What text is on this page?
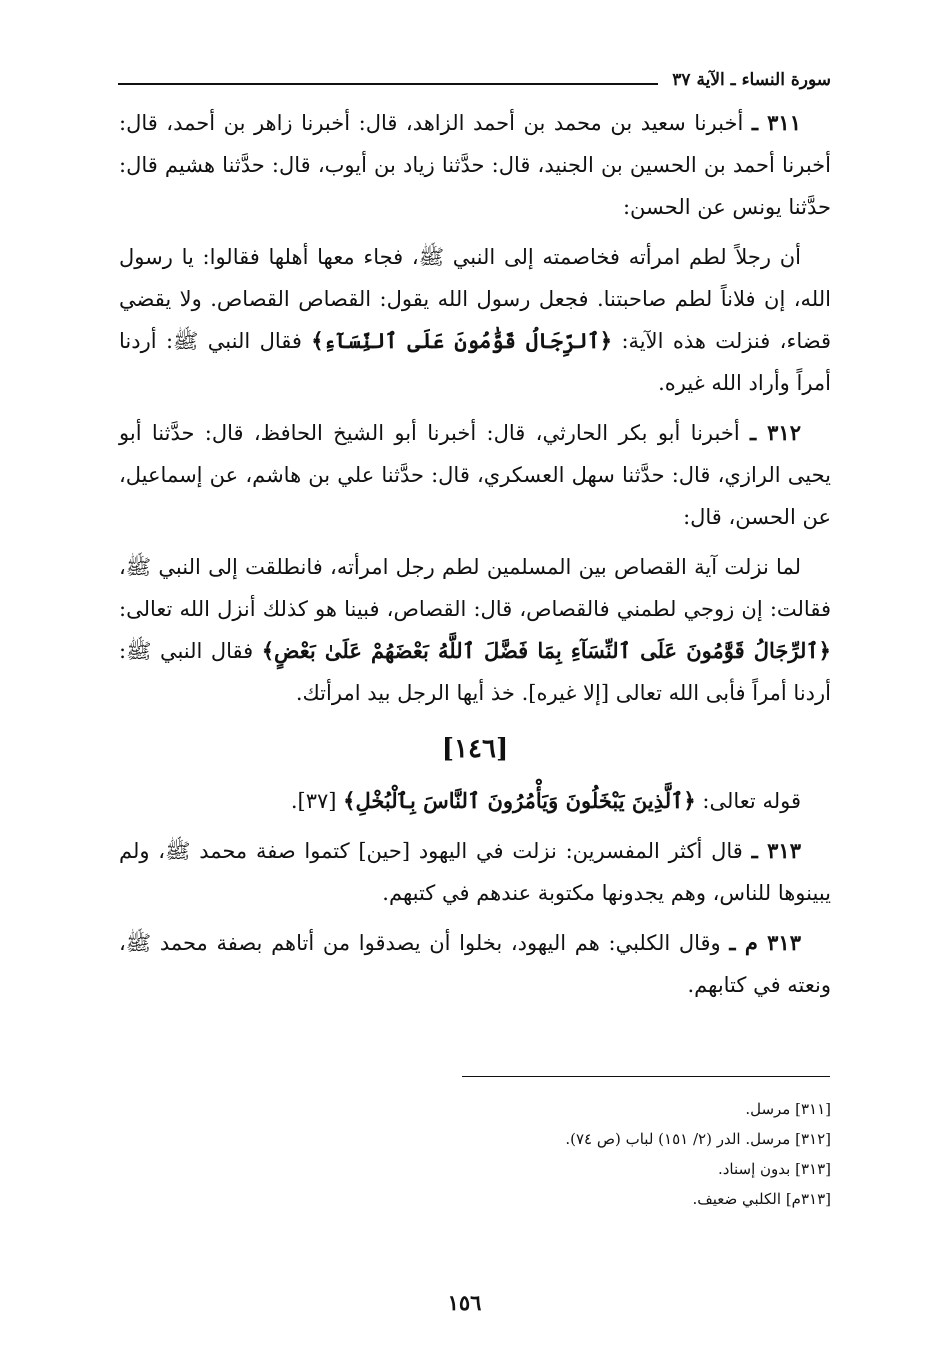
سورة النساء ـ الآية ٣٧

٣١١ ـ أخبرنا سعيد بن محمد بن أحمد الزاهد، قال: أخبرنا زاهر بن أحمد، قال: أخبرنا أحمد بن الحسين بن الجنيد، قال: حدَّثنا زياد بن أيوب، قال: حدَّثنا هشيم قال: حدَّثنا يونس عن الحسن:

أن رجلاً لطم امرأته فخاصمته إلى النبي ﷺ، فجاء معها أهلها فقالوا: يا رسول الله، إن فلاناً لطم صاحبتنا. فجعل رسول الله يقول: القصاص القصاص. ولا يقضي قضاء، فنزلت هذه الآية: ﴿ٱلرِّجَالُ قَوَّٰمُونَ عَلَى ٱلنِّسَآءِ﴾ فقال النبي ﷺ: أردنا أمراً وأراد الله غيره.

٣١٢ ـ أخبرنا أبو بكر الحارثي، قال: أخبرنا أبو الشيخ الحافظ، قال: حدَّثنا أبو يحيى الرازي، قال: حدَّثنا سهل العسكري، قال: حدَّثنا علي بن هاشم، عن إسماعيل، عن الحسن، قال:

لما نزلت آية القصاص بين المسلمين لطم رجل امرأته، فانطلقت إلى النبي ﷺ، فقالت: إن زوجي لطمني فالقصاص، قال: القصاص، فبينا هو كذلك أنزل الله تعالى: ﴿ٱلرِّجَالُ قَوَّٰمُونَ عَلَى ٱلنِّسَآءِ بِمَا فَضَّلَ ٱللَّهُ بَعْضَهُمْ عَلَىٰ بَعْضٍ﴾ فقال النبي ﷺ: أردنا أمراً فأبى الله تعالى [إلا غيره]. خذ أيها الرجل بيد امرأتك.

[١٤٦]

قوله تعالى: ﴿ٱلَّذِينَ يَبْخَلُونَ وَيَأْمُرُونَ ٱلنَّاسَ بِٱلْبُخْلِ﴾ [٣٧].

٣١٣ ـ قال أكثر المفسرين: نزلت في اليهود [حين] كتموا صفة محمد ﷺ، ولم يبينوها للناس، وهم يجدونها مكتوبة عندهم في كتبهم.

٣١٣ م ـ وقال الكلبي: هم اليهود، بخلوا أن يصدقوا من أتاهم بصفة محمد ﷺ، ونعته في كتابهم.

[٣١١] مرسل.
[٣١٢] مرسل. الدر (٢/ ١٥١) لباب (ص ٧٤).
[٣١٣] بدون إسناد.
[٣١٣م] الكلبي ضعيف.
١٥٦
